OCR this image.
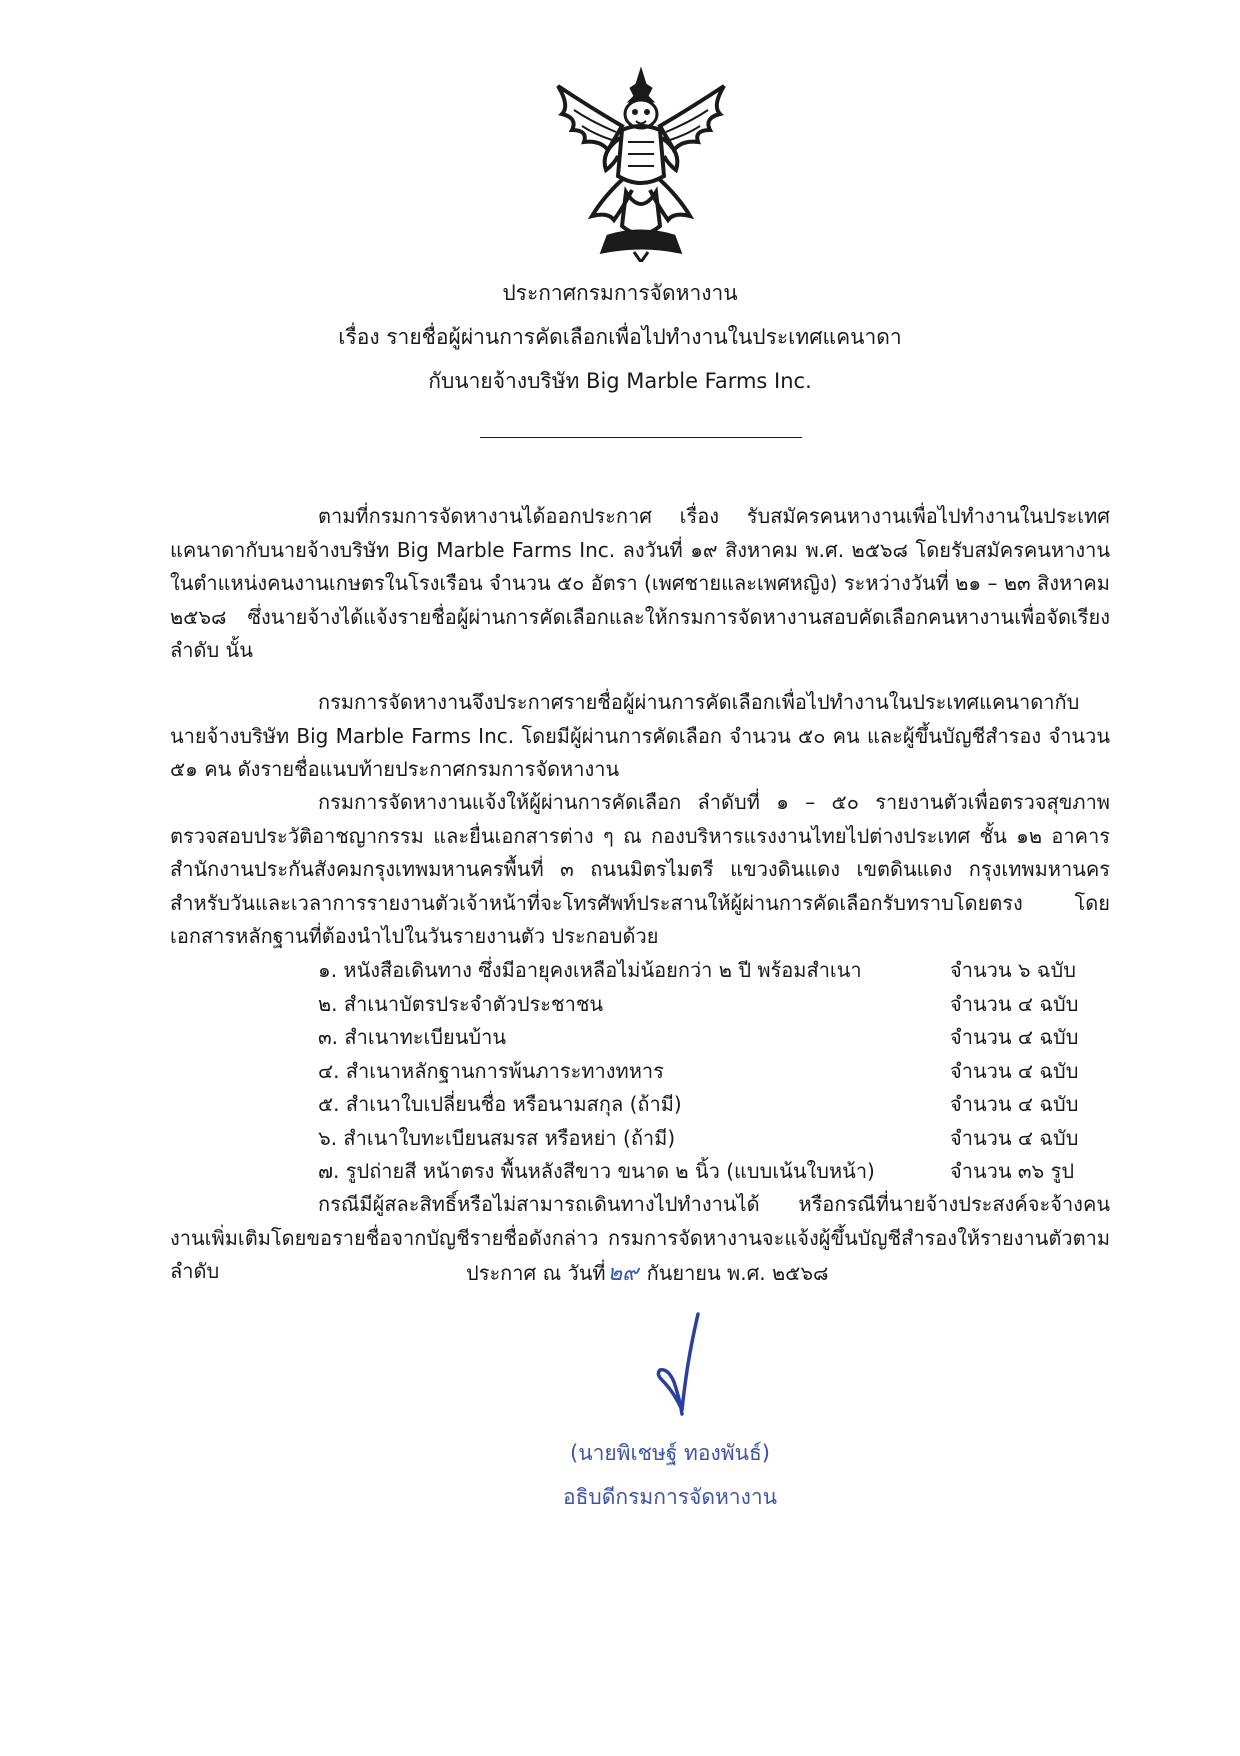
ประกาศกรมการจัดหางาน
เรื่อง รายชื่อผู้ผ่านการคัดเลือกเพื่อไปทำงานในประเทศแคนาดา
กับนายจ้างบริษัท Big Marble Farms Inc.
ตามที่กรมการจัดหางานได้ออกประกาศ เรื่อง รับสมัครคนหางานเพื่อไปทำงานในประเทศแคนาดากับนายจ้างบริษัท Big Marble Farms Inc. ลงวันที่ ๑๙ สิงหาคม พ.ศ. ๒๕๖๘ โดยรับสมัครคนหางานในตำแหน่งคนงานเกษตรในโรงเรือน จำนวน ๕๐ อัตรา (เพศชายและเพศหญิง) ระหว่างวันที่ ๒๑ – ๒๓ สิงหาคม ๒๕๖๘ ซึ่งนายจ้างได้แจ้งรายชื่อผู้ผ่านการคัดเลือกและให้กรมการจัดหางานสอบคัดเลือกคนหางานเพื่อจัดเรียงลำดับ นั้น
กรมการจัดหางานจึงประกาศรายชื่อผู้ผ่านการคัดเลือกเพื่อไปทำงานในประเทศแคนาดากับนายจ้างบริษัท Big Marble Farms Inc. โดยมีผู้ผ่านการคัดเลือก จำนวน ๕๐ คน และผู้ขึ้นบัญชีสำรอง จำนวน ๕๑ คน ดังรายชื่อแนบท้ายประกาศกรมการจัดหางาน
กรมการจัดหางานแจ้งให้ผู้ผ่านการคัดเลือก ลำดับที่ ๑ – ๕๐ รายงานตัวเพื่อตรวจสุขภาพ ตรวจสอบประวัติอาชญากรรม และยื่นเอกสารต่าง ๆ ณ กองบริหารแรงงานไทยไปต่างประเทศ ชั้น ๑๒ อาคารสำนักงานประกันสังคมกรุงเทพมหานครพื้นที่ ๓ ถนนมิตรไมตรี แขวงดินแดง เขตดินแดง กรุงเทพมหานคร สำหรับวันและเวลาการรายงานตัวเจ้าหน้าที่จะโทรศัพท์ประสานให้ผู้ผ่านการคัดเลือกรับทราบโดยตรง โดยเอกสารหลักฐานที่ต้องนำไปในวันรายงานตัว ประกอบด้วย
๑. หนังสือเดินทาง ซึ่งมีอายุคงเหลือไม่น้อยกว่า ๒ ปี พร้อมสำเนา	จำนวน ๖ ฉบับ
๒. สำเนาบัตรประจำตัวประชาชน	จำนวน ๔ ฉบับ
๓. สำเนาทะเบียนบ้าน	จำนวน ๔ ฉบับ
๔. สำเนาหลักฐานการพ้นภาระทางทหาร	จำนวน ๔ ฉบับ
๕. สำเนาใบเปลี่ยนชื่อ หรือนามสกุล (ถ้ามี)	จำนวน ๔ ฉบับ
๖. สำเนาใบทะเบียนสมรส หรือหย่า (ถ้ามี)	จำนวน ๔ ฉบับ
๗. รูปถ่ายสี หน้าตรง พื้นหลังสีขาว ขนาด ๒ นิ้ว (แบบเน้นใบหน้า)	จำนวน ๓๖ รูป
กรณีมีผู้สละสิทธิ์หรือไม่สามารถเดินทางไปทำงานได้ หรือกรณีที่นายจ้างประสงค์จะจ้างคนงานเพิ่มเติมโดยขอรายชื่อจากบัญชีรายชื่อดังกล่าว กรมการจัดหางานจะแจ้งผู้ขึ้นบัญชีสำรองให้รายงานตัวตามลำดับ	ประกาศ ณ วันที่๒๙ กันยายน พ.ศ. ๒๕๖๘
(นายพิเชษฐ์ ทองพันธ์)
อธิบดีกรมการจัดหางาน
